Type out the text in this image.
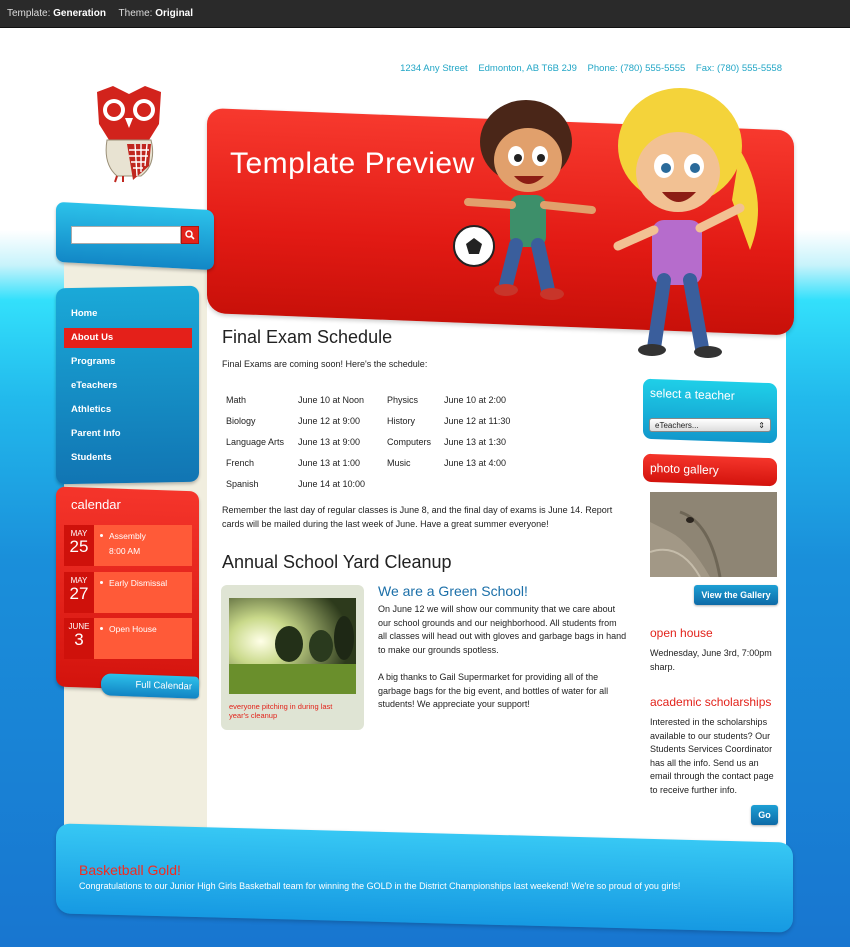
Template: Generation Theme: Original
1234 Any Street Edmonton, AB T6B 2J9 Phone: (780) 555-5555 Fax: (780) 555-5558
Template Preview
Home
About Us
Programs
eTeachers
Athletics
Parent Info
Students
calendar
MAY
25
Assembly
8:00 AM
MAY
27
Early Dismissal
JUNE
3
Open House
Full Calendar
Final Exam Schedule
Final Exams are coming soon! Here's the schedule:
Math	June 10 at Noon	Physics	June 10 at 2:00
Biology	June 12 at 9:00	History	June 12 at 11:30
Language Arts	June 13 at 9:00	Computers	June 13 at 1:30
French	June 13 at 1:00	Music	June 13 at 4:00
Spanish	June 14 at 10:00		
Remember the last day of regular classes is June 8, and the final day of exams is June 14. Report cards will be mailed during the last week of June. Have a great summer everyone!
Annual School Yard Cleanup
everyone pitching in during last year's cleanup
We are a Green School!
On June 12 we will show our community that we care about our school grounds and our neighborhood. All students from all classes will head out with gloves and garbage bags in hand to make our grounds spotless.
A big thanks to Gail Supermarket for providing all of the garbage bags for the big event, and bottles of water for all students! We appreciate your support!
select a teacher
eTeachers...	⇕
photo gallery
View the Gallery
open house
Wednesday, June 3rd, 7:00pm sharp.
academic scholarships
Interested in the scholarships available to our students? Our Students Services Coordinator has all the info. Send us an email through the contact page to receive further info.
Go
Basketball Gold!
Congratulations to our Junior High Girls Basketball team for winning the GOLD in the District Championships last weekend! We're so proud of you girls!
